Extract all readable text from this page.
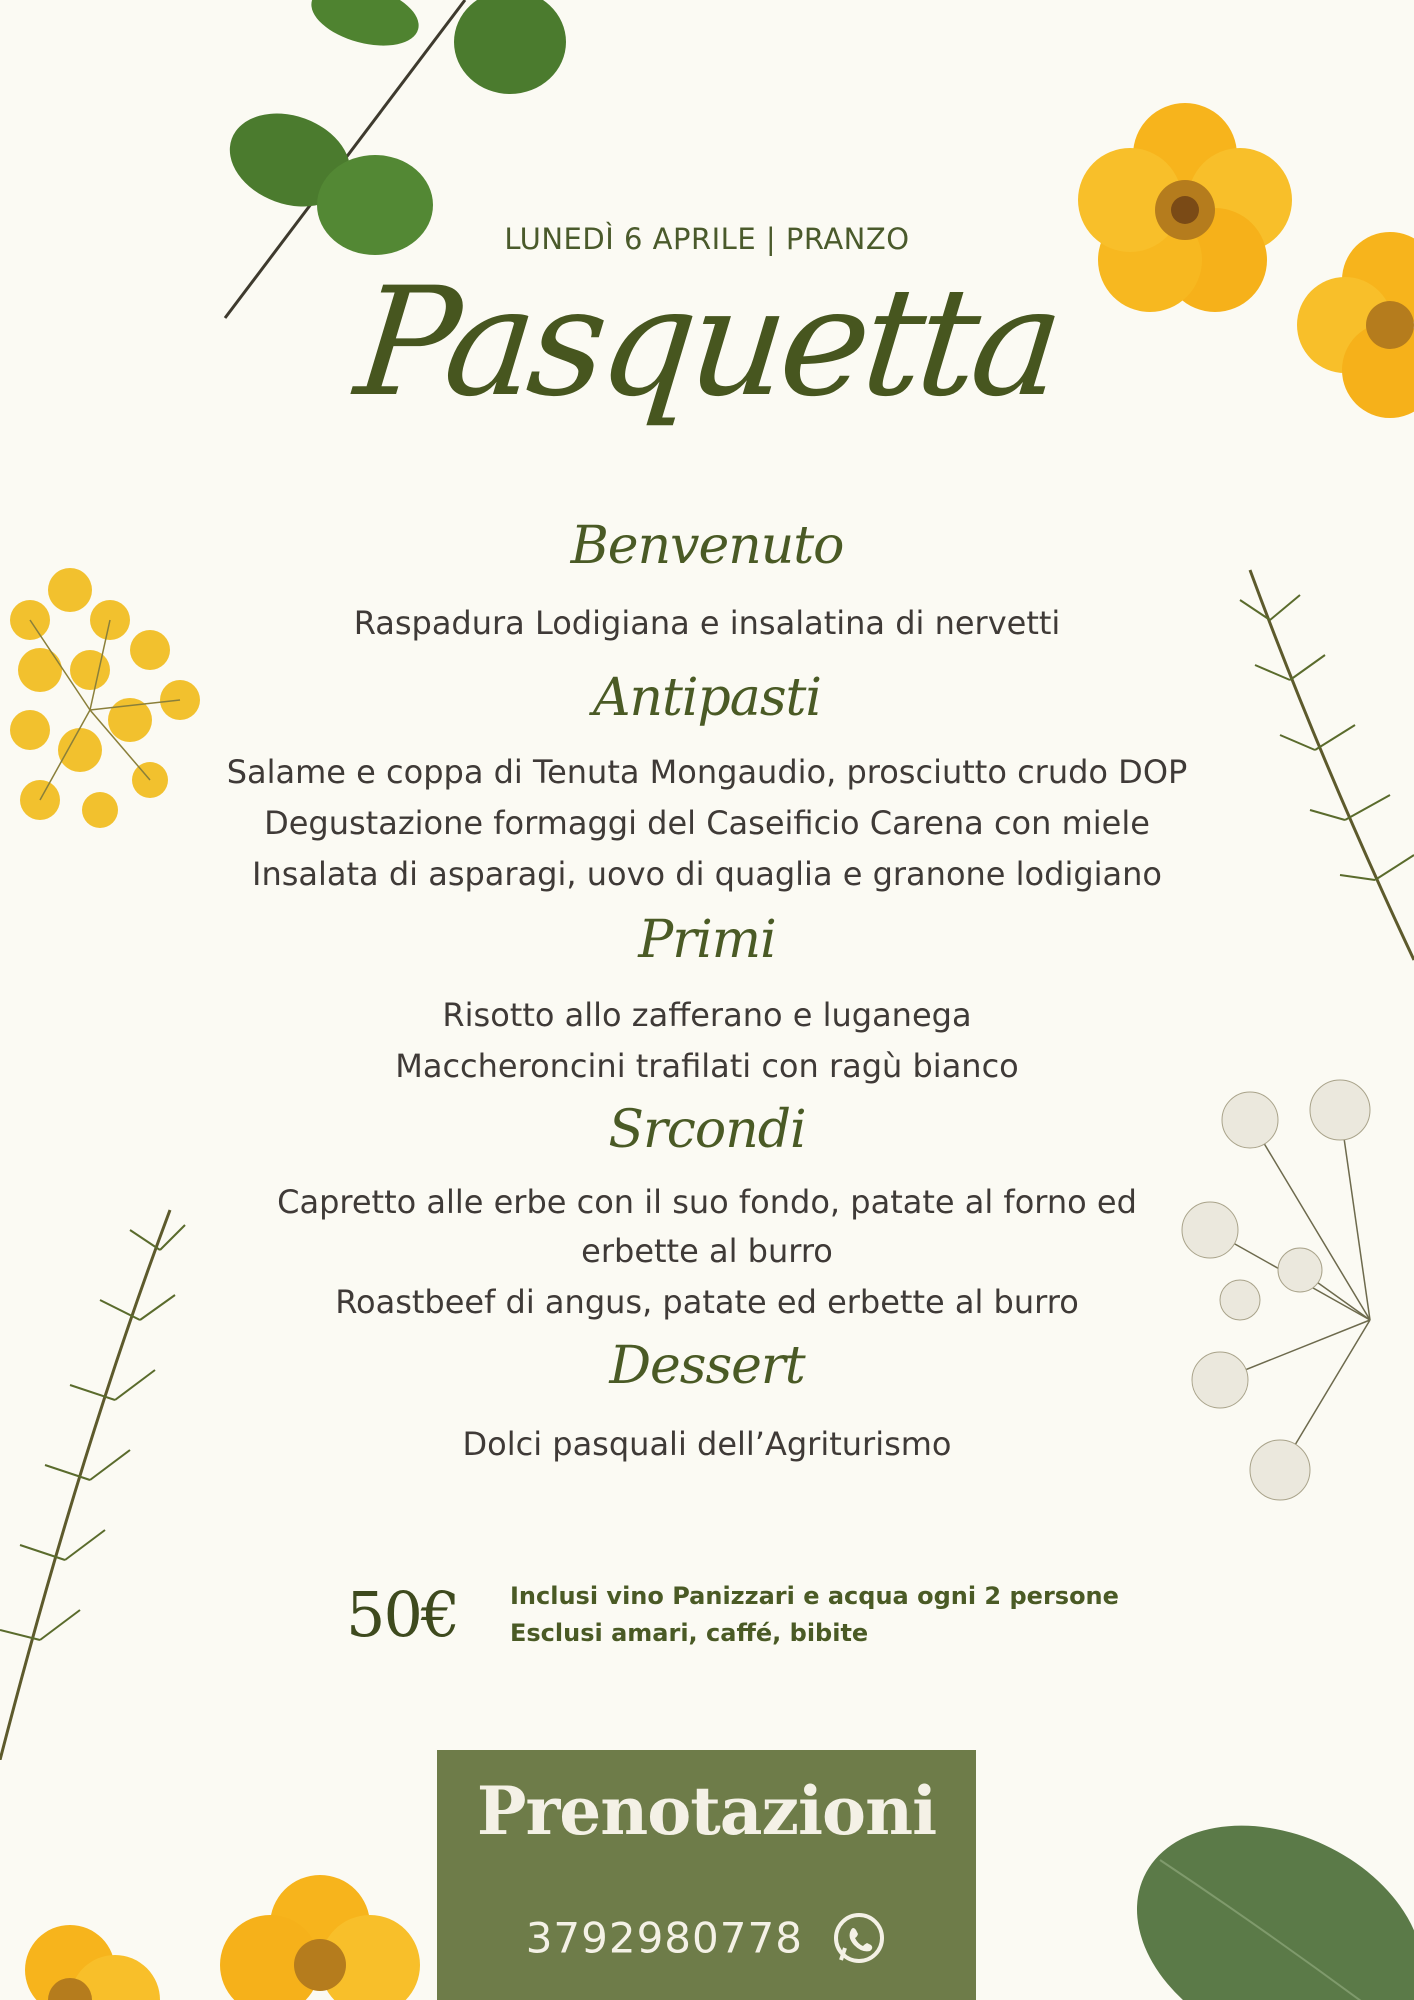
LUNEDÌ 6 APRILE | PRANZO
Pasquetta
Benvenuto
Raspadura Lodigiana e insalatina di nervetti
Antipasti
Salame e coppa di Tenuta Mongaudio, prosciutto crudo DOP
Degustazione formaggi del Caseificio Carena con miele
Insalata di asparagi, uovo di quaglia e granone lodigiano
Primi
Risotto allo zafferano e luganega
Maccheroncini trafilati con ragù bianco
Srcondi
Capretto alle erbe con il suo fondo, patate al forno ed
erbette al burro
Roastbeef di angus, patate ed erbette al burro
Dessert
Dolci pasquali dell’Agriturismo
50€ Inclusi vino Panizzari e acqua ogni 2 persone
Esclusi amari, caffé, bibite
Prenotazioni
3792980778
